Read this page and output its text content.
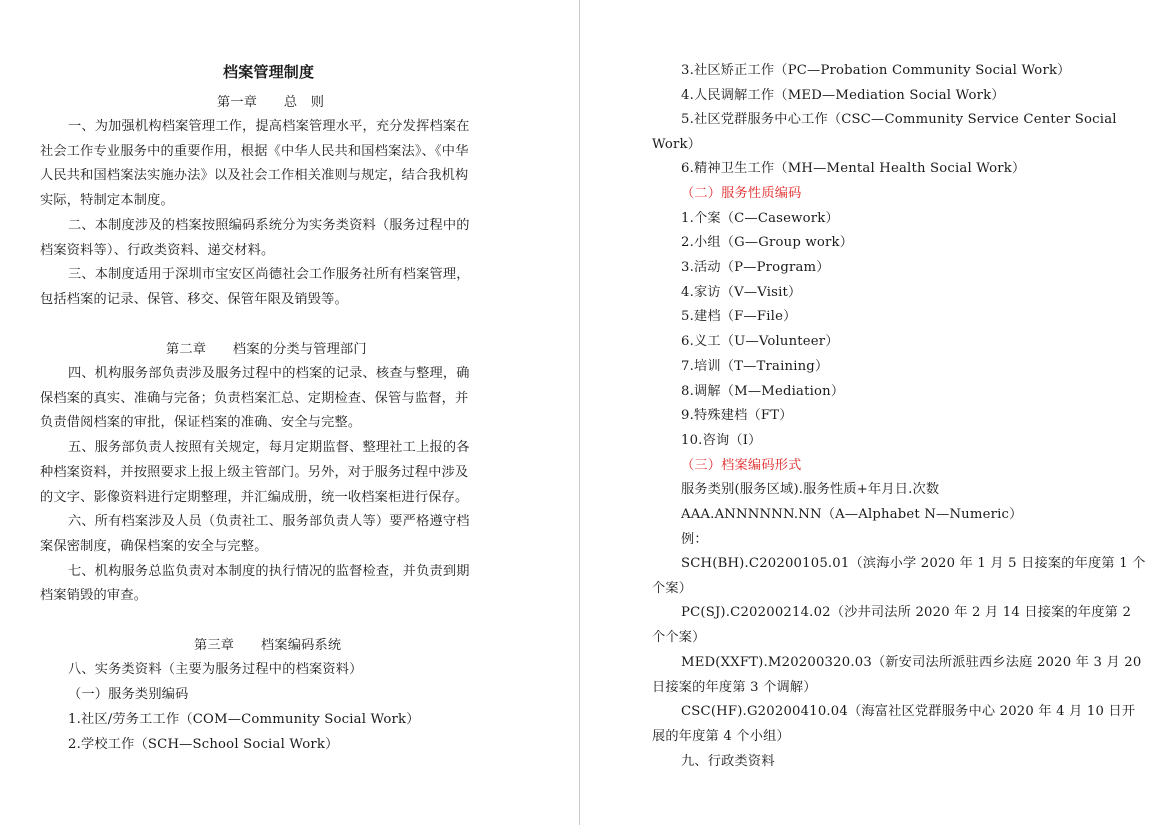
档案管理制度
第一章　　总　则
一、为加强机构档案管理工作，提高档案管理水平，充分发挥档案在
社会工作专业服务中的重要作用，根据《中华人民共和国档案法》、《中华
人民共和国档案法实施办法》以及社会工作相关准则与规定，结合我机构
实际，特制定本制度。
二、本制度涉及的档案按照编码系统分为实务类资料（服务过程中的
档案资料等）、行政类资料、递交材料。
三、本制度适用于深圳市宝安区尚德社会工作服务社所有档案管理，
包括档案的记录、保管、移交、保管年限及销毁等。
第二章　　档案的分类与管理部门
四、机构服务部负责涉及服务过程中的档案的记录、核查与整理，确
保档案的真实、准确与完备；负责档案汇总、定期检查、保管与监督，并
负责借阅档案的审批，保证档案的准确、安全与完整。
五、服务部负责人按照有关规定，每月定期监督、整理社工上报的各
种档案资料，并按照要求上报上级主管部门。另外，对于服务过程中涉及
的文字、影像资料进行定期整理，并汇编成册，统一收档案柜进行保存。
六、所有档案涉及人员（负责社工、服务部负责人等）要严格遵守档
案保密制度，确保档案的安全与完整。
七、机构服务总监负责对本制度的执行情况的监督检查，并负责到期
档案销毁的审查。
第三章　　档案编码系统
八、实务类资料（主要为服务过程中的档案资料）
（一）服务类别编码
1.社区/劳务工工作（COM—Community Social Work）
2.学校工作（SCH—School Social Work）
3.社区矫正工作（PC—Probation Community Social Work）
4.人民调解工作（MED—Mediation Social Work）
5.社区党群服务中心工作（CSC—Community Service Center Social
Work）
6.精神卫生工作（MH—Mental Health Social Work）
（二）服务性质编码
1.个案（C—Casework）
2.小组（G—Group work）
3.活动（P—Program）
4.家访（V—Visit）
5.建档（F—File）
6.义工（U—Volunteer）
7.培训（T—Training）
8.调解（M—Mediation）
9.特殊建档（FT）
10.咨询（I）
（三）档案编码形式
服务类别(服务区域).服务性质+年月日.次数
AAA.ANNNNNN.NN（A—Alphabet N—Numeric）
例：
SCH(BH).C20200105.01（滨海小学 2020 年 1 月 5 日接案的年度第 1 个
个案）
PC(SJ).C20200214.02（沙井司法所 2020 年 2 月 14 日接案的年度第 2
个个案）
MED(XXFT).M20200320.03（新安司法所派驻西乡法庭 2020 年 3 月 20
日接案的年度第 3 个调解）
CSC(HF).G20200410.04（海富社区党群服务中心 2020 年 4 月 10 日开
展的年度第 4 个小组）
九、行政类资料
